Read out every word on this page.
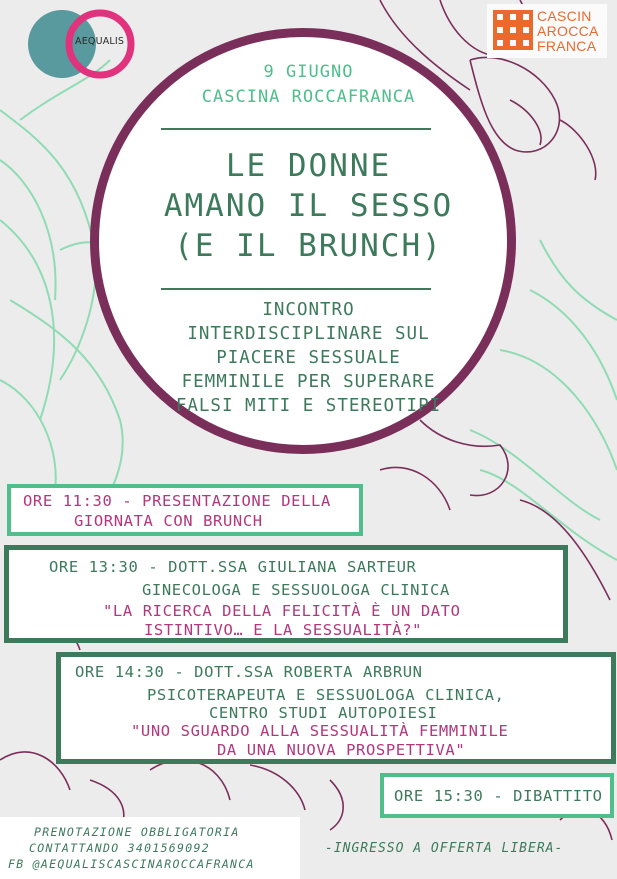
AEQUALIS
CASCIN
AROCCA
FRANCA
9 GIUGNO
CASCINA ROCCAFRANCA
LE DONNE
AMANO IL SESSO
(E IL BRUNCH)
INCONTRO
INTERDISCIPLINARE SUL
PIACERE SESSUALE
FEMMINILE PER SUPERARE
FALSI MITI E STEREOTIPI
ORE 11:30 - PRESENTAZIONE DELLA
GIORNATA CON BRUNCH
ORE 13:30 - DOTT.SSA GIULIANA SARTEUR
GINECOLOGA E SESSUOLOGA CLINICA
"LA RICERCA DELLA FELICITÀ È UN DATO
ISTINTIVO… E LA SESSUALITÀ?"
ORE 14:30 - DOTT.SSA ROBERTA ARBRUN
PSICOTERAPEUTA E SESSUOLOGA CLINICA,
CENTRO STUDI AUTOPOIESI
"UNO SGUARDO ALLA SESSUALITÀ FEMMINILE
DA UNA NUOVA PROSPETTIVA"
ORE 15:30 - DIBATTITO
PRENOTAZIONE OBBLIGATORIA
CONTATTANDO 3401569092
FB @AEQUALISCASCINAROCCAFRANCA
-INGRESSO A OFFERTA LIBERA-
